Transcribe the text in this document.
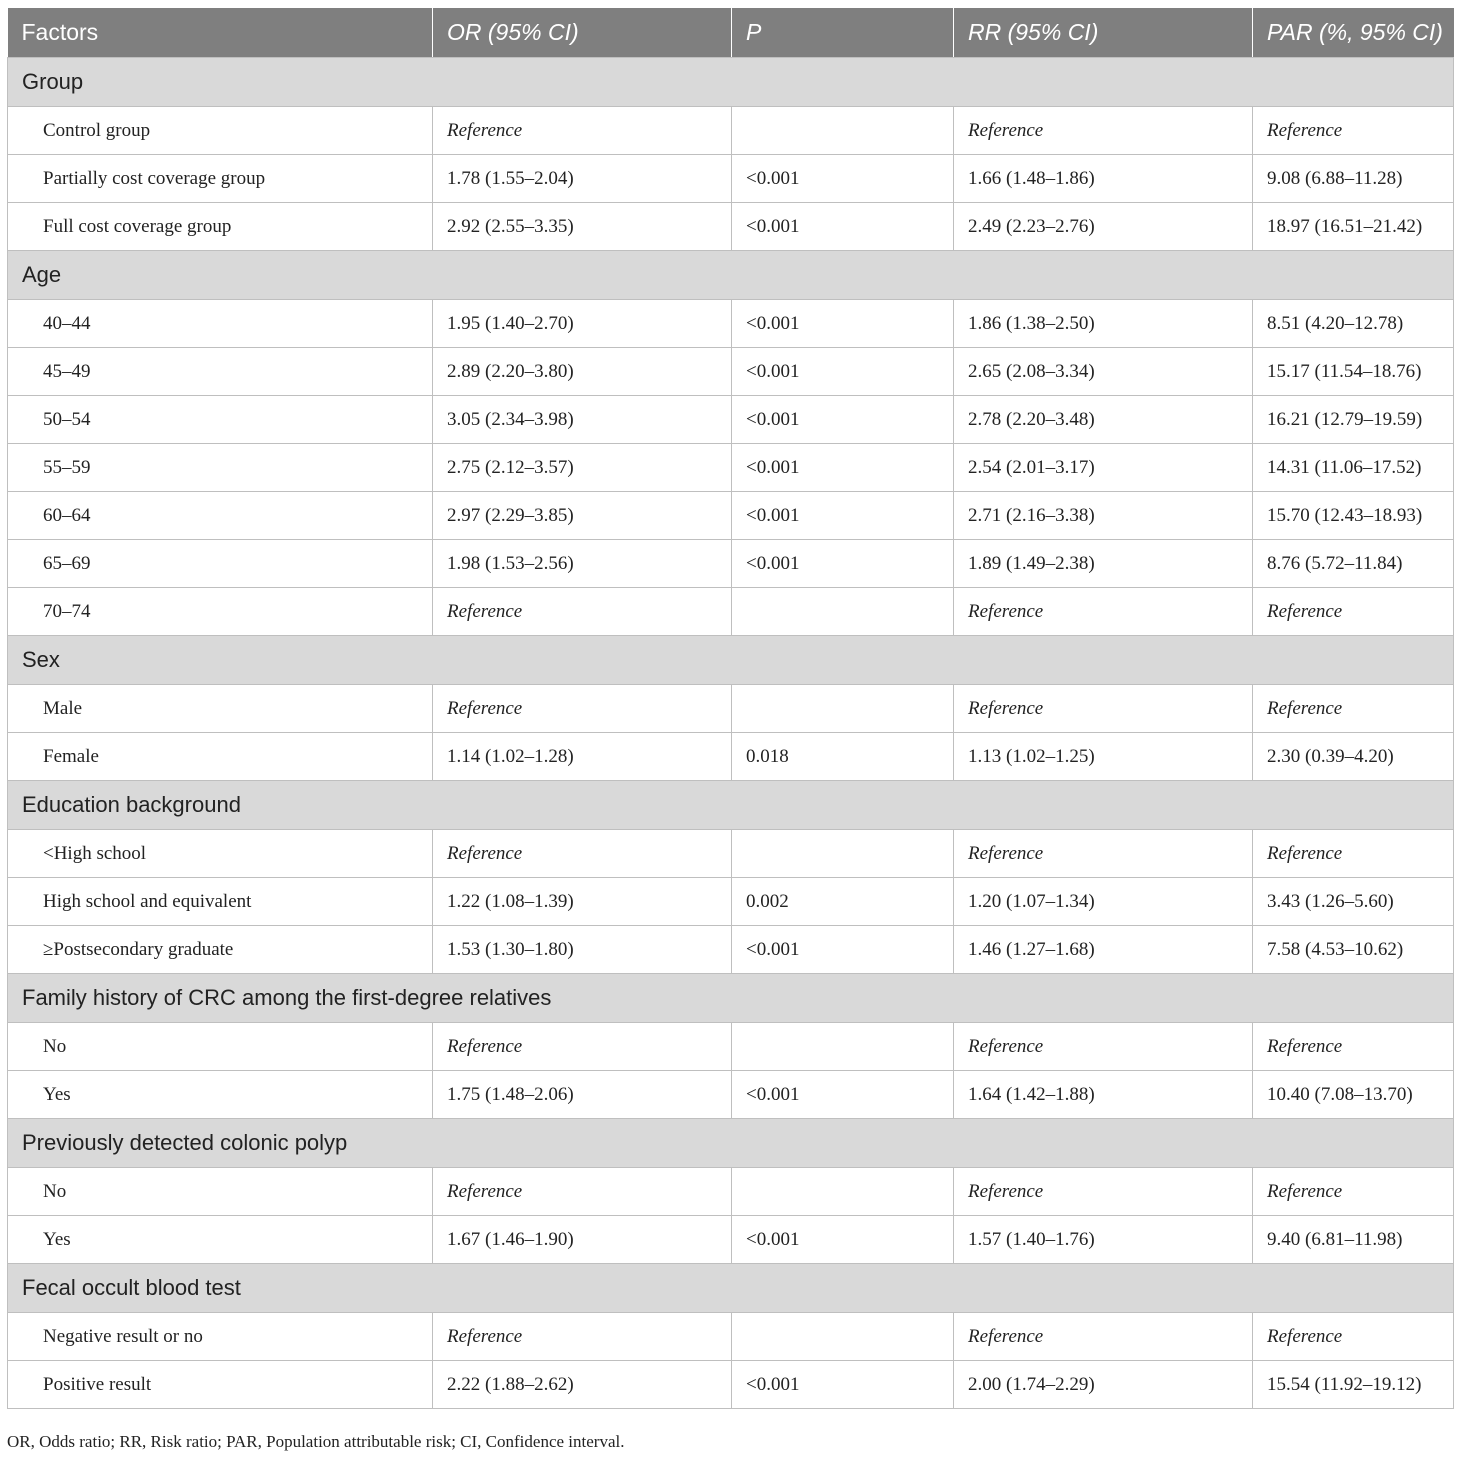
Factors	OR (95% CI)	P	RR (95% CI)	PAR (%, 95% CI)
Group				
Control group	Reference		Reference	Reference
Partially cost coverage group	1.78 (1.55–2.04)	<0.001	1.66 (1.48–1.86)	9.08 (6.88–11.28)
Full cost coverage group	2.92 (2.55–3.35)	<0.001	2.49 (2.23–2.76)	18.97 (16.51–21.42)
Age				
40–44	1.95 (1.40–2.70)	<0.001	1.86 (1.38–2.50)	8.51 (4.20–12.78)
45–49	2.89 (2.20–3.80)	<0.001	2.65 (2.08–3.34)	15.17 (11.54–18.76)
50–54	3.05 (2.34–3.98)	<0.001	2.78 (2.20–3.48)	16.21 (12.79–19.59)
55–59	2.75 (2.12–3.57)	<0.001	2.54 (2.01–3.17)	14.31 (11.06–17.52)
60–64	2.97 (2.29–3.85)	<0.001	2.71 (2.16–3.38)	15.70 (12.43–18.93)
65–69	1.98 (1.53–2.56)	<0.001	1.89 (1.49–2.38)	8.76 (5.72–11.84)
70–74	Reference		Reference	Reference
Sex				
Male	Reference		Reference	Reference
Female	1.14 (1.02–1.28)	0.018	1.13 (1.02–1.25)	2.30 (0.39–4.20)
Education background				
<High school	Reference		Reference	Reference
High school and equivalent	1.22 (1.08–1.39)	0.002	1.20 (1.07–1.34)	3.43 (1.26–5.60)
≥Postsecondary graduate	1.53 (1.30–1.80)	<0.001	1.46 (1.27–1.68)	7.58 (4.53–10.62)
Family history of CRC among the first-degree relatives				
No	Reference		Reference	Reference
Yes	1.75 (1.48–2.06)	<0.001	1.64 (1.42–1.88)	10.40 (7.08–13.70)
Previously detected colonic polyp				
No	Reference		Reference	Reference
Yes	1.67 (1.46–1.90)	<0.001	1.57 (1.40–1.76)	9.40 (6.81–11.98)
Fecal occult blood test				
Negative result or no	Reference		Reference	Reference
Positive result	2.22 (1.88–2.62)	<0.001	2.00 (1.74–2.29)	15.54 (11.92–19.12)
OR, Odds ratio; RR, Risk ratio; PAR, Population attributable risk; CI, Confidence interval.
